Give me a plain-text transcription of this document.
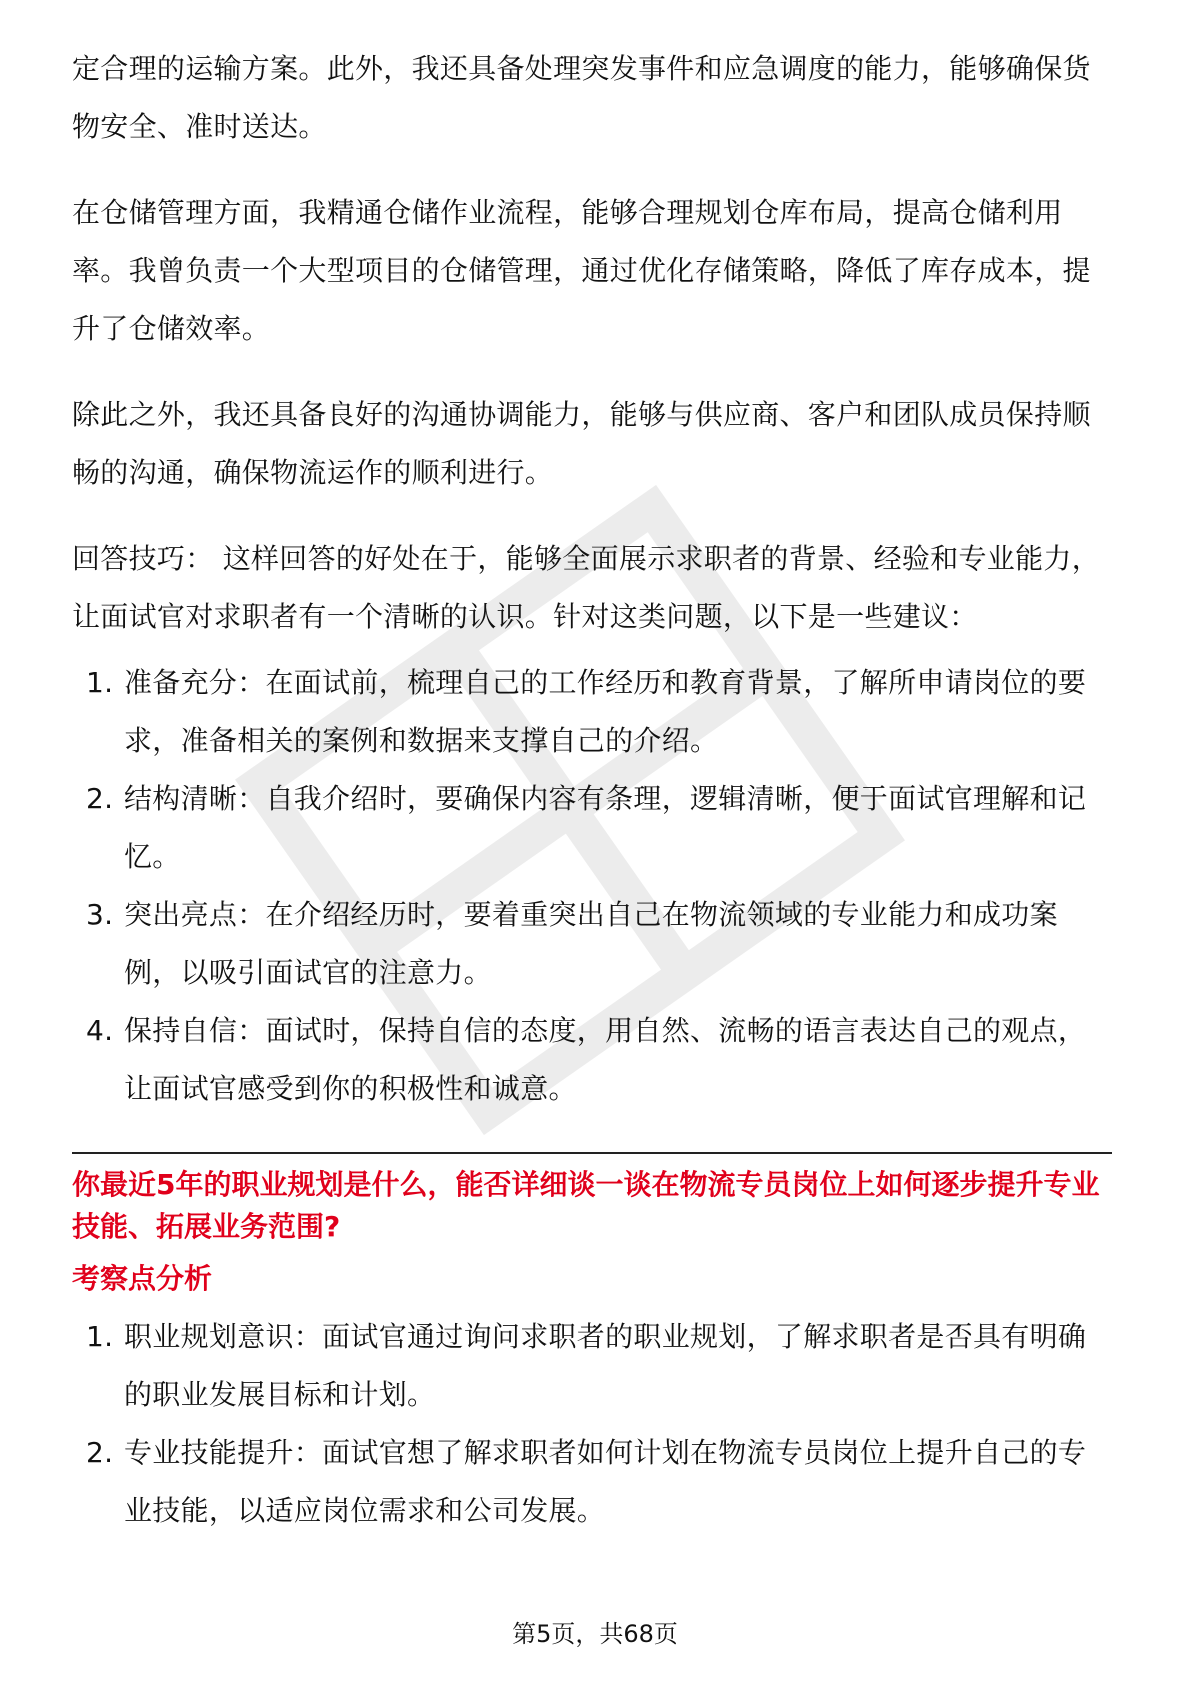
定合理的运输方案。此外，我还具备处理突发事件和应急调度的能力，能够确保货物安全、准时送达。

在仓储管理方面，我精通仓储作业流程，能够合理规划仓库布局，提高仓储利用率。我曾负责一个大型项目的仓储管理，通过优化存储策略，降低了库存成本，提升了仓储效率。

除此之外，我还具备良好的沟通协调能力，能够与供应商、客户和团队成员保持顺畅的沟通，确保物流运作的顺利进行。

回答技巧： 这样回答的好处在于，能够全面展示求职者的背景、经验和专业能力，让面试官对求职者有一个清晰的认识。针对这类问题，以下是一些建议：

1. 准备充分：在面试前，梳理自己的工作经历和教育背景，了解所申请岗位的要求，准备相关的案例和数据来支撑自己的介绍。
2. 结构清晰：自我介绍时，要确保内容有条理，逻辑清晰，便于面试官理解和记忆。
3. 突出亮点：在介绍经历时，要着重突出自己在物流领域的专业能力和成功案例，以吸引面试官的注意力。
4. 保持自信：面试时，保持自信的态度，用自然、流畅的语言表达自己的观点，让面试官感受到你的积极性和诚意。

你最近5年的职业规划是什么，能否详细谈一谈在物流专员岗位上如何逐步提升专业技能、拓展业务范围?

考察点分析

1. 职业规划意识：面试官通过询问求职者的职业规划，了解求职者是否具有明确的职业发展目标和计划。
2. 专业技能提升：面试官想了解求职者如何计划在物流专员岗位上提升自己的专业技能，以适应岗位需求和公司发展。
第5页，共68页
